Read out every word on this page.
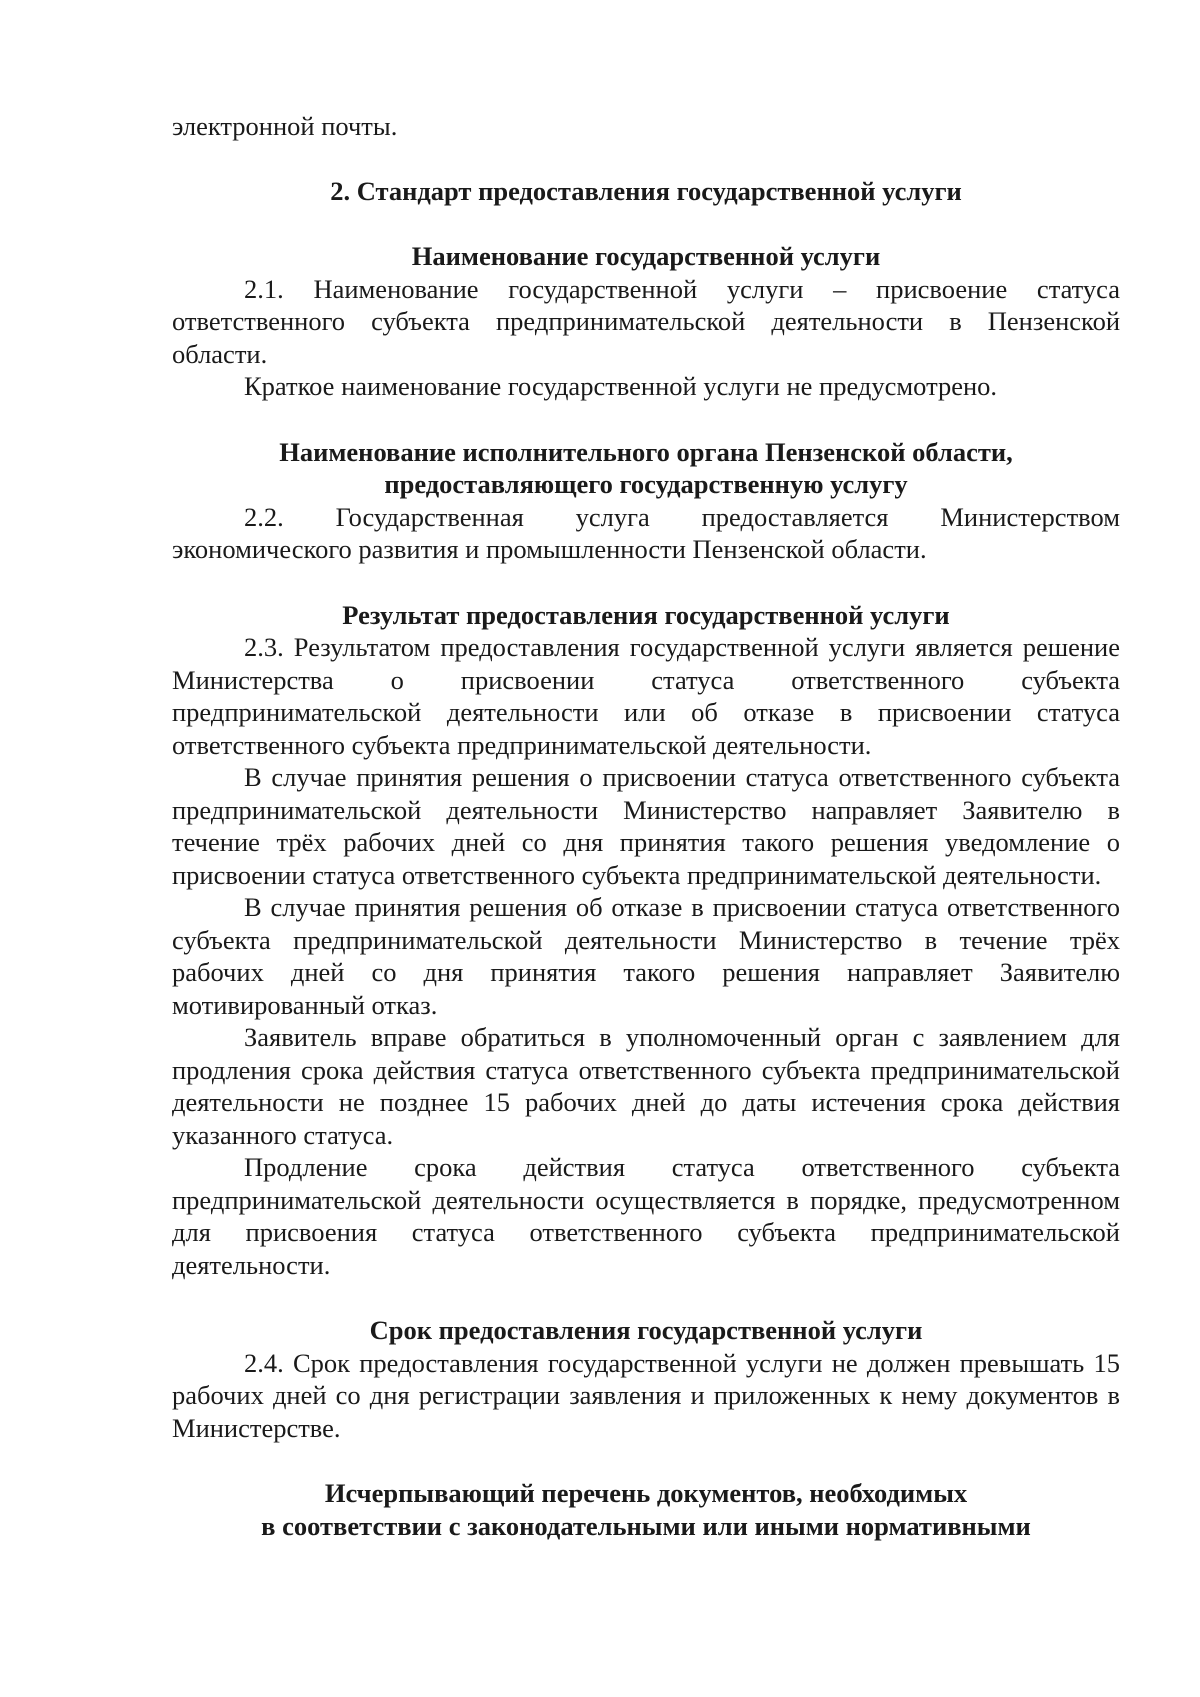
электронной почты.

2. Стандарт предоставления государственной услуги

Наименование государственной услуги

2.1. Наименование государственной услуги – присвоение статуса ответственного субъекта предпринимательской деятельности в Пензенской области.

Краткое наименование государственной услуги не предусмотрено.

Наименование исполнительного органа Пензенской области,

предоставляющего государственную услугу

2.2. Государственная услуга предоставляется Министерством экономического развития и промышленности Пензенской области.

Результат предоставления государственной услуги

2.3. Результатом предоставления государственной услуги является решение Министерства о присвоении статуса ответственного субъекта предпринимательской деятельности или об отказе в присвоении статуса ответственного субъекта предпринимательской деятельности.

В случае принятия решения о присвоении статуса ответственного субъекта предпринимательской деятельности Министерство направляет Заявителю в течение трёх рабочих дней со дня принятия такого решения уведомление о присвоении статуса ответственного субъекта предпринимательской деятельности.

В случае принятия решения об отказе в присвоении статуса ответственного субъекта предпринимательской деятельности Министерство в течение трёх рабочих дней со дня принятия такого решения направляет Заявителю мотивированный отказ.

Заявитель вправе обратиться в уполномоченный орган с заявлением для продления срока действия статуса ответственного субъекта предпринимательской деятельности не позднее 15 рабочих дней до даты истечения срока действия указанного статуса.

Продление срока действия статуса ответственного субъекта предпринимательской деятельности осуществляется в порядке, предусмотренном для присвоения статуса ответственного субъекта предпринимательской деятельности.

Срок предоставления государственной услуги

2.4. Срок предоставления государственной услуги не должен превышать 15 рабочих дней со дня регистрации заявления и приложенных к нему документов в Министерстве.

Исчерпывающий перечень документов, необходимых

в соответствии с законодательными или иными нормативными
